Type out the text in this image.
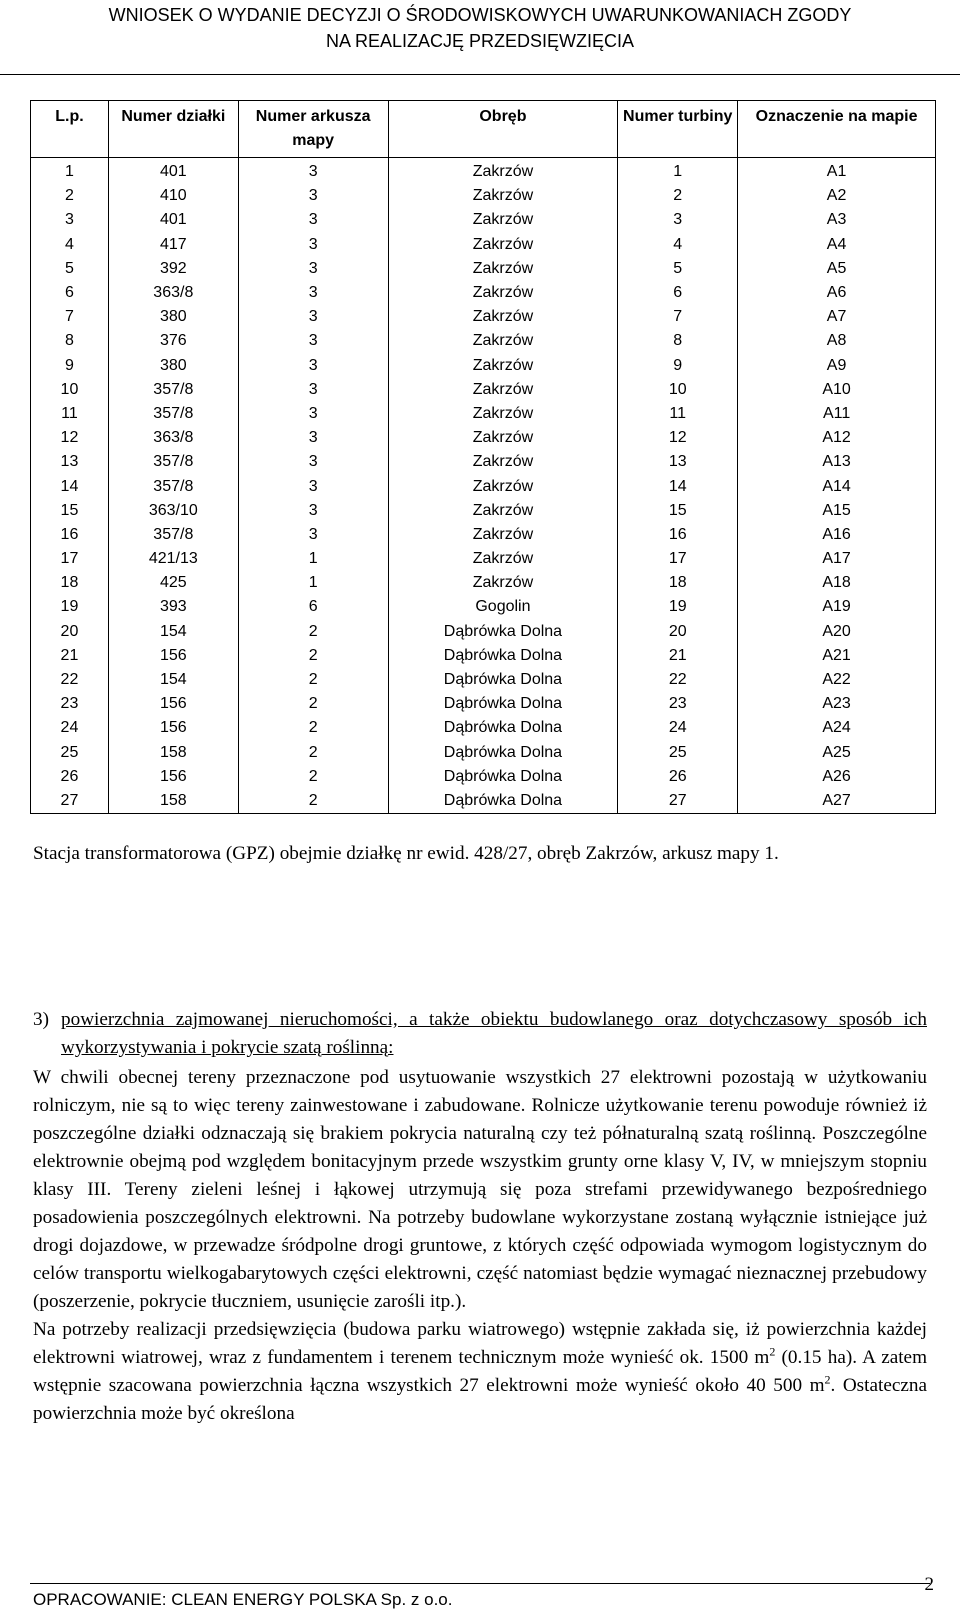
WNIOSEK O WYDANIE DECYZJI O ŚRODOWISKOWYCH UWARUNKOWANIACH ZGODY
NA REALIZACJĘ PRZEDSIĘWZIĘCIA
L.p.	Numer działki	Numer arkusza mapy	Obręb	Numer turbiny	Oznaczenie na mapie
1	401	3	Zakrzów	1	A1
2	410	3	Zakrzów	2	A2
3	401	3	Zakrzów	3	A3
4	417	3	Zakrzów	4	A4
5	392	3	Zakrzów	5	A5
6	363/8	3	Zakrzów	6	A6
7	380	3	Zakrzów	7	A7
8	376	3	Zakrzów	8	A8
9	380	3	Zakrzów	9	A9
10	357/8	3	Zakrzów	10	A10
11	357/8	3	Zakrzów	11	A11
12	363/8	3	Zakrzów	12	A12
13	357/8	3	Zakrzów	13	A13
14	357/8	3	Zakrzów	14	A14
15	363/10	3	Zakrzów	15	A15
16	357/8	3	Zakrzów	16	A16
17	421/13	1	Zakrzów	17	A17
18	425	1	Zakrzów	18	A18
19	393	6	Gogolin	19	A19
20	154	2	Dąbrówka Dolna	20	A20
21	156	2	Dąbrówka Dolna	21	A21
22	154	2	Dąbrówka Dolna	22	A22
23	156	2	Dąbrówka Dolna	23	A23
24	156	2	Dąbrówka Dolna	24	A24
25	158	2	Dąbrówka Dolna	25	A25
26	156	2	Dąbrówka Dolna	26	A26
27	158	2	Dąbrówka Dolna	27	A27

Stacja transformatorowa (GPZ) obejmie działkę nr ewid. 428/27, obręb Zakrzów, arkusz mapy 1.

3) powierzchnia zajmowanej nieruchomości, a także obiektu budowlanego oraz dotychczasowy sposób ich wykorzystywania i pokrycie szatą roślinną:

W chwili obecnej tereny przeznaczone pod usytuowanie wszystkich 27 elektrowni pozostają w użytkowaniu rolniczym, nie są to więc tereny zainwestowane i zabudowane. Rolnicze użytkowanie terenu powoduje również iż poszczególne działki odznaczają się brakiem pokrycia naturalną czy też półnaturalną szatą roślinną. Poszczególne elektrownie obejmą pod względem bonitacyjnym przede wszystkim grunty orne klasy V, IV, w mniejszym stopniu klasy III. Tereny zieleni leśnej i łąkowej utrzymują się poza strefami przewidywanego bezpośredniego posadowienia poszczególnych elektrowni. Na potrzeby budowlane wykorzystane zostaną wyłącznie istniejące już drogi dojazdowe, w przewadze śródpolne drogi gruntowe, z których część odpowiada wymogom logistycznym do celów transportu wielkogabarytowych części elektrowni, część natomiast będzie wymagać nieznacznej przebudowy (poszerzenie, pokrycie tłuczniem, usunięcie zarośli itp.).

Na potrzeby realizacji przedsięwzięcia (budowa parku wiatrowego) wstępnie zakłada się, iż powierzchnia każdej elektrowni wiatrowej, wraz z fundamentem i terenem technicznym może wynieść ok. 1500 $m^2$ (0.15 ha). A zatem wstępnie szacowana powierzchnia łączna wszystkich 27 elektrowni może wynieść około 40 500 $m^2$. Ostateczna powierzchnia może być określona

OPRACOWANIE: CLEAN ENERGY POLSKA Sp. z o.o.
2
